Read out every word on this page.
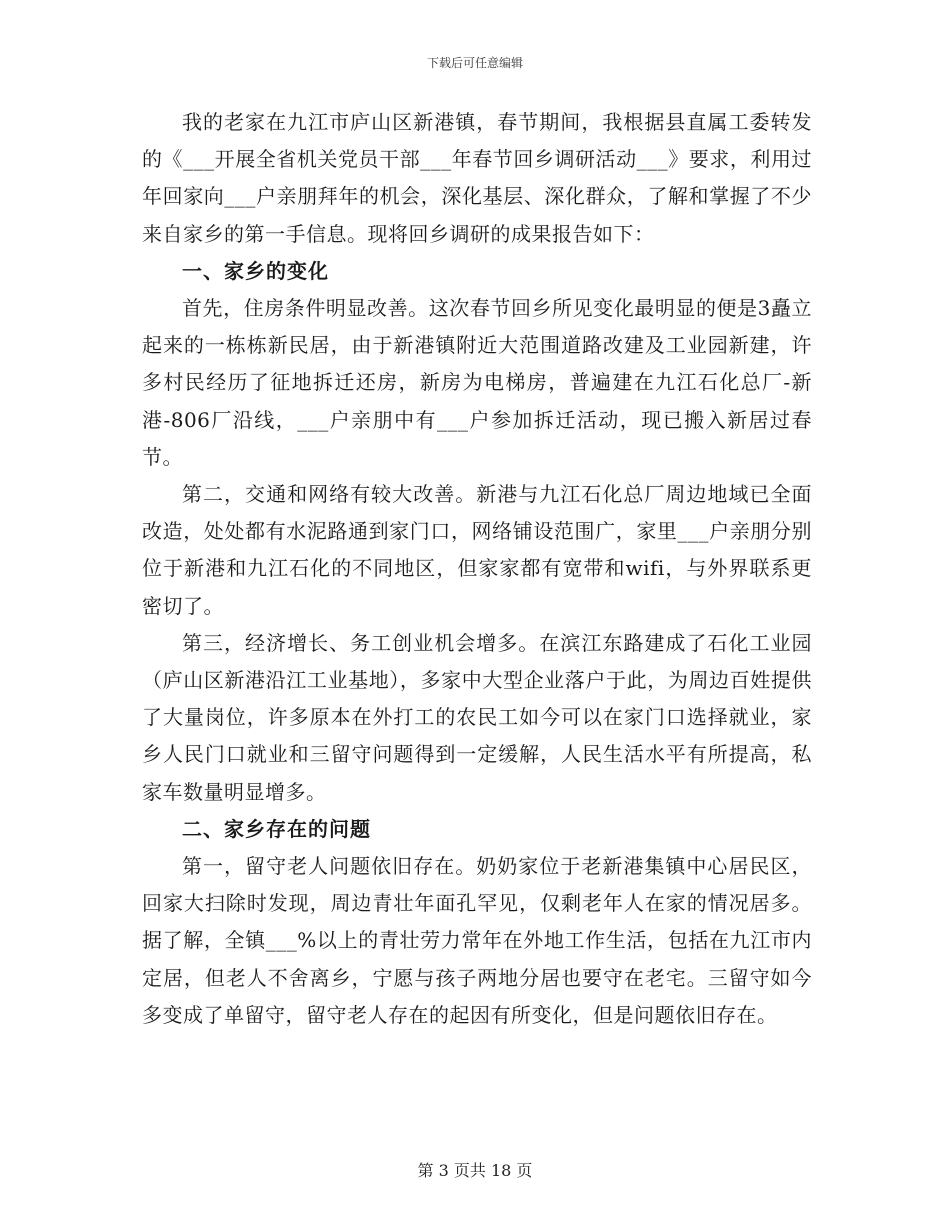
下载后可任意编辑

我的老家在九江市庐山区新港镇，春节期间，我根据县直属工委转发的《___开展全省机关党员干部___年春节回乡调研活动___》要求，利用过年回家向___户亲朋拜年的机会，深化基层、深化群众，了解和掌握了不少来自家乡的第一手信息。现将回乡调研的成果报告如下：

一、家乡的变化

首先，住房条件明显改善。这次春节回乡所见变化最明显的便是3矗立起来的一栋栋新民居，由于新港镇附近大范围道路改建及工业园新建，许多村民经历了征地拆迁还房，新房为电梯房，普遍建在九江石化总厂-新港-806厂沿线，___户亲朋中有___户参加拆迁活动，现已搬入新居过春节。

第二，交通和网络有较大改善。新港与九江石化总厂周边地域已全面改造，处处都有水泥路通到家门口，网络铺设范围广，家里___户亲朋分别位于新港和九江石化的不同地区，但家家都有宽带和wifi，与外界联系更密切了。

第三，经济增长、务工创业机会增多。在滨江东路建成了石化工业园（庐山区新港沿江工业基地），多家中大型企业落户于此，为周边百姓提供了大量岗位，许多原本在外打工的农民工如今可以在家门口选择就业，家乡人民门口就业和三留守问题得到一定缓解，人民生活水平有所提高，私家车数量明显增多。

二、家乡存在的问题

第一，留守老人问题依旧存在。奶奶家位于老新港集镇中心居民区，回家大扫除时发现，周边青壮年面孔罕见，仅剩老年人在家的情况居多。据了解，全镇___%以上的青壮劳力常年在外地工作生活，包括在九江市内定居，但老人不舍离乡，宁愿与孩子两地分居也要守在老宅。三留守如今多变成了单留守，留守老人存在的起因有所变化，但是问题依旧存在。

第 3 页共 18 页
